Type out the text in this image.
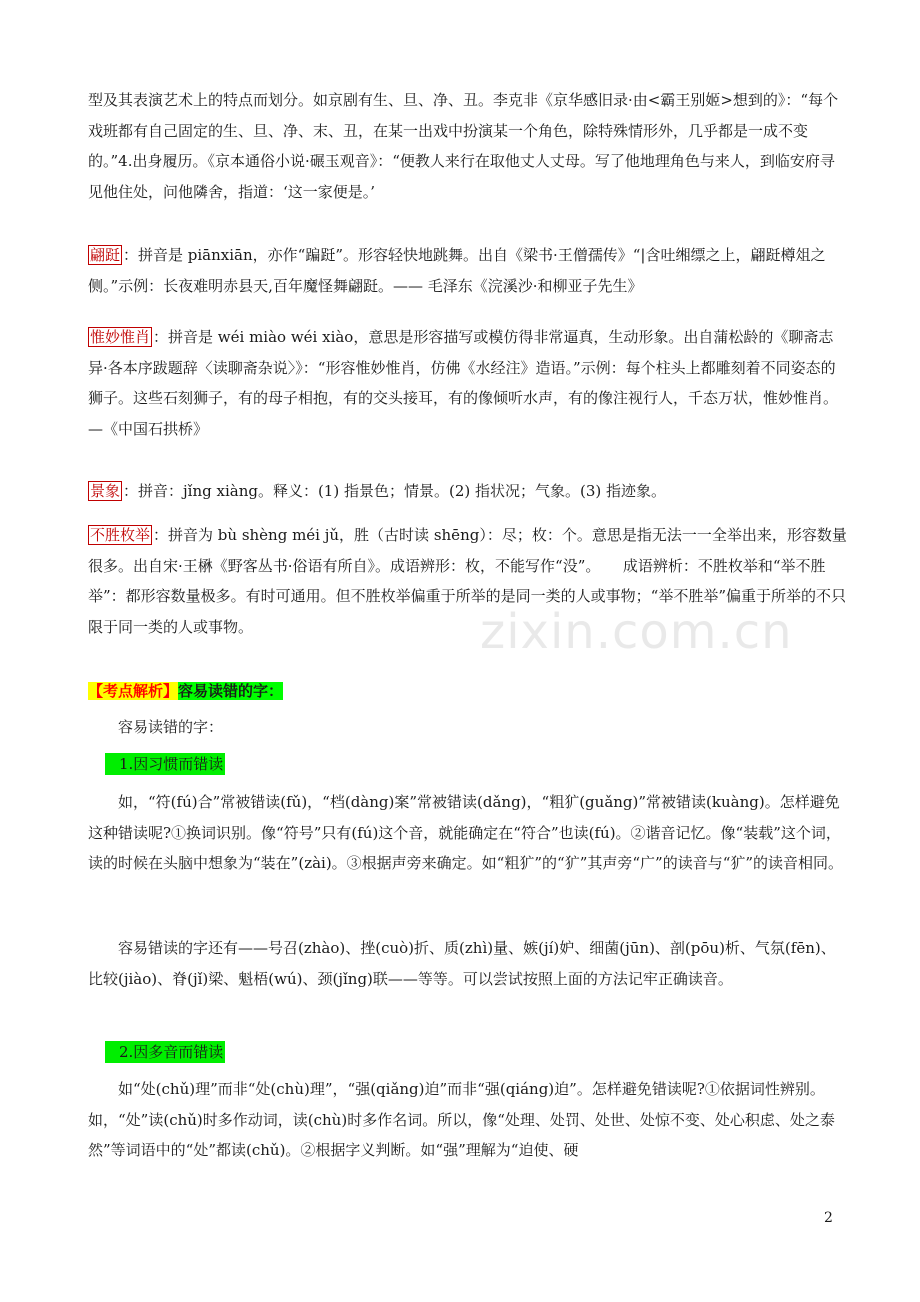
型及其表演艺术上的特点而划分。如京剧有生、旦、净、丑。李克非《京华感旧录·由<霸王别姬>想到的》：“每个戏班都有自己固定的生、旦、净、末、丑，在某一出戏中扮演某一个角色，除特殊情形外，几乎都是一成不变的。”4.出身履历。《京本通俗小说·碾玉观音》：“便教人来行在取他丈人丈母。写了他地理角色与来人，到临安府寻见他住处，问他隣舍，指道：‘这一家便是。’

翩跹 ：拼音是 piānxiān，亦作“蹁跹”。形容轻快地跳舞。出自《梁书·王僧孺传》“|含吐缃缥之上，翩跹樽俎之侧。”示例：长夜难明赤县天,百年魔怪舞翩跹。—— 毛泽东《浣溪沙·和柳亚子先生》

惟妙惟肖 ：拼音是 wéi miào wéi xiào，意思是形容描写或模仿得非常逼真，生动形象。出自蒲松龄的《聊斋志异·各本序跋题辞〈读聊斋杂说〉》：“形容惟妙惟肖，仿佛《水经注》造语。”示例：每个柱头上都雕刻着不同姿态的狮子。这些石刻狮子，有的母子相抱，有的交头接耳，有的像倾听水声，有的像注视行人，千态万状，惟妙惟肖。—《中国石拱桥》

景象 ：拼音：jǐng xiàng。释义：(1) 指景色；情景。(2) 指状况；气象。(3) 指迹象。

不胜枚举 ：拼音为 bù shèng méi jǔ，胜（古时读 shēng）：尽；枚：个。意思是指无法一一全举出来，形容数量很多。出自宋·王楙《野客丛书·俗语有所自》。成语辨形：枚，不能写作“没”。　　成语辨析：不胜枚举和“举不胜举”：都形容数量极多。有时可通用。但不胜枚举偏重于所举的是同一类的人或事物；“举不胜举”偏重于所举的不只限于同一类的人或事物。

【考点解析】容易读错的字：

容易读错的字：

1.因习惯而错读

如，“符(fú)合”常被错读(fǔ)，“档(dàng)案”常被错读(dǎng)，“粗犷(guǎng)”常被错读(kuàng)。怎样避免这种错读呢?①换词识别。像“符号”只有(fú)这个音，就能确定在“符合”也读(fú)。②谐音记忆。像“装载”这个词，读的时候在头脑中想象为“装在”(zài)。③根据声旁来确定。如“粗犷”的“犷”其声旁“广”的读音与“犷”的读音相同。

容易错读的字还有——号召(zhào)、挫(cuò)折、质(zhì)量、嫉(jí)妒、细菌(jūn)、剖(pōu)析、气氛(fēn)、比较(jiào)、脊(jǐ)梁、魁梧(wú)、颈(jǐng)联——等等。可以尝试按照上面的方法记牢正确读音。

2.因多音而错读

如“处(chǔ)理”而非“处(chù)理”，“强(qiǎng)迫”而非“强(qiáng)迫”。怎样避免错读呢?①依据词性辨别。如，“处”读(chǔ)时多作动词，读(chù)时多作名词。所以，像“处理、处罚、处世、处惊不变、处心积虑、处之泰然”等词语中的“处”都读(chǔ)。②根据字义判断。如“强”理解为“迫使、硬

zixin.com.cn
2
